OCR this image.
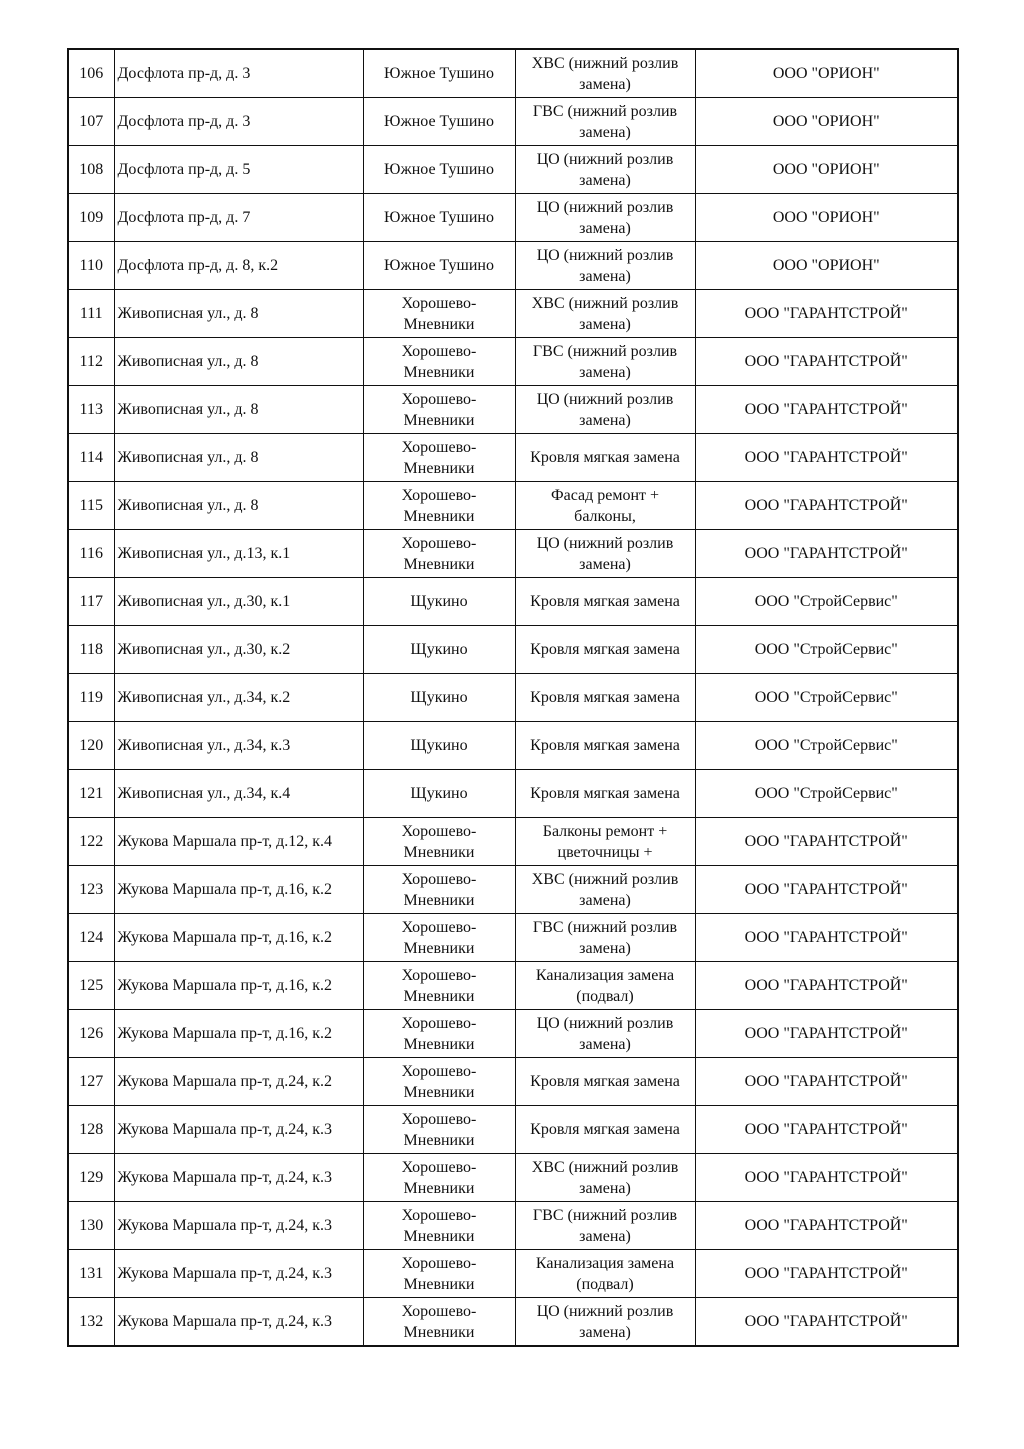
106	Досфлота пр-д, д. 3	Южное Тушино	ХВС (нижний розлив
замена)	ООО "ОРИОН"
107	Досфлота пр-д, д. 3	Южное Тушино	ГВС (нижний розлив
замена)	ООО "ОРИОН"
108	Досфлота пр-д, д. 5	Южное Тушино	ЦО (нижний розлив
замена)	ООО "ОРИОН"
109	Досфлота пр-д, д. 7	Южное Тушино	ЦО (нижний розлив
замена)	ООО "ОРИОН"
110	Досфлота пр-д, д. 8, к.2	Южное Тушино	ЦО (нижний розлив
замена)	ООО "ОРИОН"
111	Живописная ул., д. 8	Хорошево-
Мневники	ХВС (нижний розлив
замена)	ООО "ГАРАНТСТРОЙ"
112	Живописная ул., д. 8	Хорошево-
Мневники	ГВС (нижний розлив
замена)	ООО "ГАРАНТСТРОЙ"
113	Живописная ул., д. 8	Хорошево-
Мневники	ЦО (нижний розлив
замена)	ООО "ГАРАНТСТРОЙ"
114	Живописная ул., д. 8	Хорошево-
Мневники	Кровля мягкая замена	ООО "ГАРАНТСТРОЙ"
115	Живописная ул., д. 8	Хорошево-
Мневники	Фасад ремонт +
балконы,	ООО "ГАРАНТСТРОЙ"
116	Живописная ул., д.13, к.1	Хорошево-
Мневники	ЦО (нижний розлив
замена)	ООО "ГАРАНТСТРОЙ"
117	Живописная ул., д.30, к.1	Щукино	Кровля мягкая замена	ООО "СтройСервис"
118	Живописная ул., д.30, к.2	Щукино	Кровля мягкая замена	ООО "СтройСервис"
119	Живописная ул., д.34, к.2	Щукино	Кровля мягкая замена	ООО "СтройСервис"
120	Живописная ул., д.34, к.3	Щукино	Кровля мягкая замена	ООО "СтройСервис"
121	Живописная ул., д.34, к.4	Щукино	Кровля мягкая замена	ООО "СтройСервис"
122	Жукова Маршала пр-т, д.12, к.4	Хорошево-
Мневники	Балконы ремонт +
цветочницы +	ООО "ГАРАНТСТРОЙ"
123	Жукова Маршала пр-т, д.16, к.2	Хорошево-
Мневники	ХВС (нижний розлив
замена)	ООО "ГАРАНТСТРОЙ"
124	Жукова Маршала пр-т, д.16, к.2	Хорошево-
Мневники	ГВС (нижний розлив
замена)	ООО "ГАРАНТСТРОЙ"
125	Жукова Маршала пр-т, д.16, к.2	Хорошево-
Мневники	Канализация замена
(подвал)	ООО "ГАРАНТСТРОЙ"
126	Жукова Маршала пр-т, д.16, к.2	Хорошево-
Мневники	ЦО (нижний розлив
замена)	ООО "ГАРАНТСТРОЙ"
127	Жукова Маршала пр-т, д.24, к.2	Хорошево-
Мневники	Кровля мягкая замена	ООО "ГАРАНТСТРОЙ"
128	Жукова Маршала пр-т, д.24, к.3	Хорошево-
Мневники	Кровля мягкая замена	ООО "ГАРАНТСТРОЙ"
129	Жукова Маршала пр-т, д.24, к.3	Хорошево-
Мневники	ХВС (нижний розлив
замена)	ООО "ГАРАНТСТРОЙ"
130	Жукова Маршала пр-т, д.24, к.3	Хорошево-
Мневники	ГВС (нижний розлив
замена)	ООО "ГАРАНТСТРОЙ"
131	Жукова Маршала пр-т, д.24, к.3	Хорошево-
Мневники	Канализация замена
(подвал)	ООО "ГАРАНТСТРОЙ"
132	Жукова Маршала пр-т, д.24, к.3	Хорошево-
Мневники	ЦО (нижний розлив
замена)	ООО "ГАРАНТСТРОЙ"
